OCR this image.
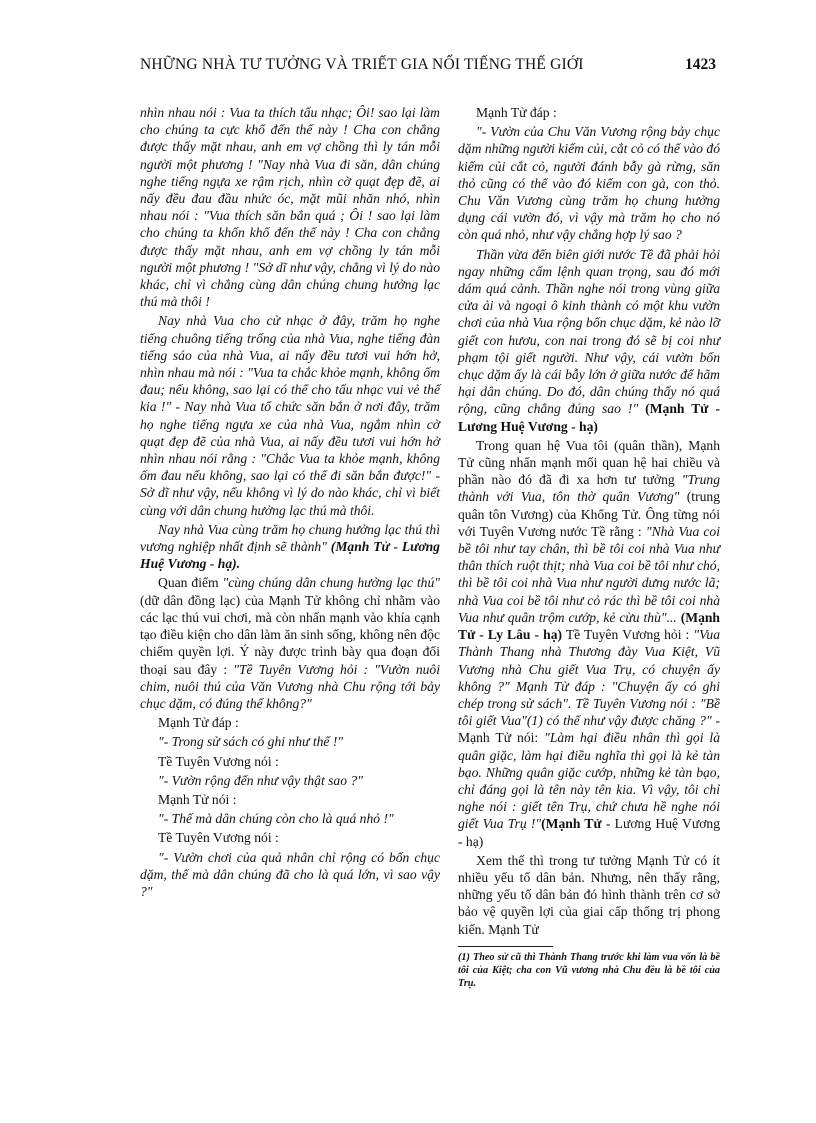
NHỮNG NHÀ TƯ TƯỞNG VÀ TRIẾT GIA NỔI TIẾNG THẾ GIỚI	1423

nhìn nhau nói : Vua ta thích tấu nhạc; Ôi! sao lại làm cho chúng ta cực khổ đến thế này ! Cha con chẳng được thấy mặt nhau, anh em vợ chồng thì ly tán mỗi người một phương ! "Nay nhà Vua đi săn, dân chúng nghe tiếng ngựa xe rậm rịch, nhìn cờ quạt đẹp đẽ, ai nấy đều đau đầu nhức óc, mặt mũi nhăn nhó, nhìn nhau nói : "Vua thích săn bắn quá ; Ôi ! sao lại làm cho chúng ta khốn khổ đến thế này ! Cha con chẳng được thấy mặt nhau, anh em vợ chồng ly tán mỗi người một phương ! "Sở dĩ như vậy, chẳng vì lý do nào khác, chỉ vì chẳng cùng dân chúng chung hưởng lạc thú mà thôi !

Nay nhà Vua cho cử nhạc ở đây, trăm họ nghe tiếng chuông tiếng trống của nhà Vua, nghe tiếng đàn tiếng sáo của nhà Vua, ai nấy đều tươi vui hớn hở, nhìn nhau mà nói : "Vua ta chắc khỏe mạnh, không ốm đau; nếu không, sao lại có thể cho tấu nhạc vui vẻ thế kia !" - Nay nhà Vua tổ chức săn bắn ở nơi đây, trăm họ nghe tiếng ngựa xe của nhà Vua, ngắm nhìn cờ quạt đẹp đẽ của nhà Vua, ai nấy đều tươi vui hớn hở nhìn nhau nói rằng : "Chắc Vua ta khỏe mạnh, không ốm đau nếu không, sao lại có thể đi săn bắn được!" - Sở dĩ như vậy, nếu không vì lý do nào khác, chỉ vì biết cùng với dân chung hưởng lạc thú mà thôi.

Nay nhà Vua cùng trăm họ chung hưởng lạc thú thì vương nghiệp nhất định sẽ thành" (Mạnh Tử - Lương Huệ Vương - hạ).

Quan điểm "cùng chúng dân chung hưởng lạc thú" (dữ dân đồng lạc) của Mạnh Tử không chỉ nhằm vào các lạc thú vui chơi, mà còn nhấn mạnh vào khía cạnh tạo điều kiện cho dân làm ăn sinh sống, không nên độc chiếm quyền lợi. Ý này được trình bày qua đoạn đối thoại sau đây : "Tề Tuyên Vương hỏi : "Vườn nuôi chim, nuôi thú của Văn Vương nhà Chu rộng tới bảy chục dặm, có đúng thế không?"

Mạnh Tử đáp :

"- Trong sử sách có ghi như thế !"

Tề Tuyên Vương nói :

"- Vườn rộng đến như vậy thật sao ?"

Mạnh Tử nói :

"- Thế mà dân chúng còn cho là quá nhỏ !"

Tề Tuyên Vương nói :

"- Vườn chơi của quả nhân chỉ rộng có bốn chục dặm, thế mà dân chúng đã cho là quá lớn, vì sao vậy ?"

Mạnh Tử đáp :

"- Vườn của Chu Văn Vương rộng bảy chục dặm những người kiếm củi, cắt cỏ có thể vào đó kiếm củi cắt cỏ, người đánh bẫy gà rừng, săn thỏ cũng có thể vào đó kiếm con gà, con thỏ. Chu Văn Vương cùng trăm họ chung hưởng dụng cái vườn đó, vì vậy mà trăm họ cho nó còn quá nhỏ, như vậy chẳng hợp lý sao ?

Thần vừa đến biên giới nước Tề đã phải hỏi ngay những cấm lệnh quan trọng, sau đó mới dám quá cảnh. Thần nghe nói trong vùng giữa cửa ải và ngoại ô kinh thành có một khu vườn chơi của nhà Vua rộng bốn chục dặm, kẻ nào lỡ giết con hươu, con nai trong đó sẽ bị coi như phạm tội giết người. Như vậy, cái vườn bốn chục dặm ấy là cái bẫy lớn ở giữa nước để hãm hại dân chúng. Do đó, dân chúng thấy nó quá rộng, cũng chẳng đúng sao !" (Mạnh Tử - Lương Huệ Vương - hạ)

Trong quan hệ Vua tôi (quân thần), Mạnh Tử cũng nhấn mạnh mối quan hệ hai chiều và phần nào đó đã đi xa hơn tư tưởng "Trung thành với Vua, tôn thờ quân Vương" (trung quân tôn Vương) của Khổng Tử. Ông từng nói với Tuyên Vương nước Tề rằng : "Nhà Vua coi bề tôi như tay chân, thì bề tôi coi nhà Vua như thân thích ruột thịt; nhà Vua coi bề tôi như chó, thì bề tôi coi nhà Vua như người dưng nước lã; nhà Vua coi bề tôi như cỏ rác thì bề tôi coi nhà Vua như quân trộm cướp, kẻ cừu thù"... (Mạnh Tử - Ly Lâu - hạ) Tề Tuyên Vương hỏi : "Vua Thành Thang nhà Thương đày Vua Kiệt, Vũ Vương nhà Chu giết Vua Trụ, có chuyện ấy không ?" Mạnh Tử đáp : "Chuyện ấy có ghi chép trong sử sách". Tề Tuyên Vương nói : "Bề tôi giết Vua"(1) có thể như vậy được chăng ?" - Mạnh Tử nói: "Làm hại điều nhân thì gọi là quân giặc, làm hại điều nghĩa thì gọi là kẻ tàn bạo. Những quân giặc cướp, những kẻ tàn bạo, chỉ đáng gọi là tên này tên kia. Vì vậy, tôi chỉ nghe nói : giết tên Trụ, chứ chưa hề nghe nói giết Vua Trụ !"(Mạnh Tử - Lương Huệ Vương - hạ)

Xem thế thì trong tư tưởng Mạnh Tử có ít nhiều yếu tố dân bản. Nhưng, nên thấy rằng, những yếu tố dân bản đó hình thành trên cơ sở bảo vệ quyền lợi của giai cấp thống trị phong kiến. Mạnh Tử

(1) Theo sử cũ thì Thành Thang trước khi làm vua vốn là bề tôi của Kiệt; cha con Vũ vương nhà Chu đều là bề tôi của Trụ.
